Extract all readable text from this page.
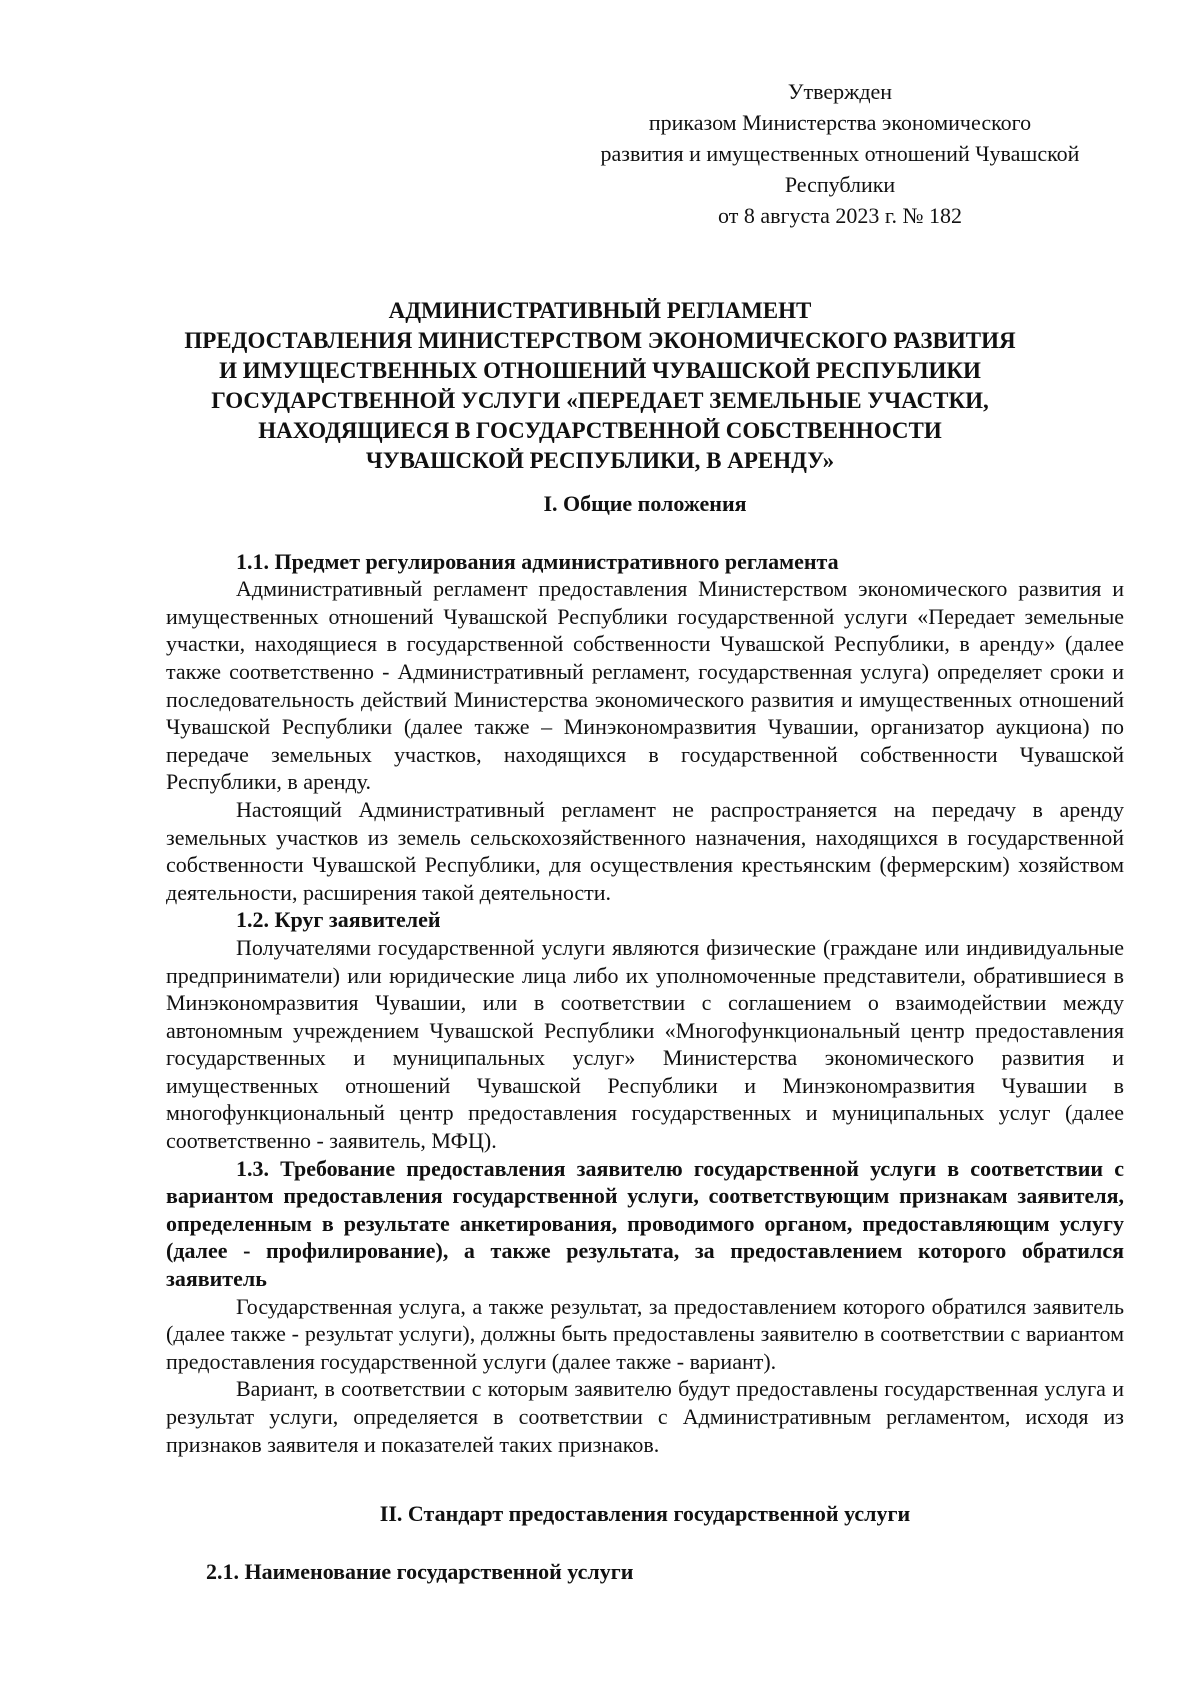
Утвержден
приказом Министерства экономического
развития и имущественных отношений Чувашской
Республики
от 8 августа 2023 г. № 182
АДМИНИСТРАТИВНЫЙ РЕГЛАМЕНТ
ПРЕДОСТАВЛЕНИЯ МИНИСТЕРСТВОМ ЭКОНОМИЧЕСКОГО РАЗВИТИЯ
И ИМУЩЕСТВЕННЫХ ОТНОШЕНИЙ ЧУВАШСКОЙ РЕСПУБЛИКИ
ГОСУДАРСТВЕННОЙ УСЛУГИ «ПЕРЕДАЕТ ЗЕМЕЛЬНЫЕ УЧАСТКИ,
НАХОДЯЩИЕСЯ В ГОСУДАРСТВЕННОЙ СОБСТВЕННОСТИ
ЧУВАШСКОЙ РЕСПУБЛИКИ, В АРЕНДУ»
I. Общие положения
1.1. Предмет регулирования административного регламента

Административный регламент предоставления Министерством экономического развития и имущественных отношений Чувашской Республики государственной услуги «Передает земельные участки, находящиеся в государственной собственности Чувашской Республики, в аренду» (далее также соответственно - Административный регламент, государственная услуга) определяет сроки и последовательность действий Министерства экономического развития и имущественных отношений Чувашской Республики (далее также – Минэкономразвития Чувашии, организатор аукциона) по передаче земельных участков, находящихся в государственной собственности Чувашской Республики, в аренду.

Настоящий Административный регламент не распространяется на передачу в аренду земельных участков из земель сельскохозяйственного назначения, находящихся в государственной собственности Чувашской Республики, для осуществления крестьянским (фермерским) хозяйством деятельности, расширения такой деятельности.

1.2. Круг заявителей

Получателями государственной услуги являются физические (граждане или индивидуальные предприниматели) или юридические лица либо их уполномоченные представители, обратившиеся в Минэкономразвития Чувашии, или в соответствии с соглашением о взаимодействии между автономным учреждением Чувашской Республики «Многофункциональный центр предоставления государственных и муниципальных услуг» Министерства экономического развития и имущественных отношений Чувашской Республики и Минэкономразвития Чувашии в многофункциональный центр предоставления государственных и муниципальных услуг (далее соответственно - заявитель, МФЦ).

1.3. Требование предоставления заявителю государственной услуги в соответствии с вариантом предоставления государственной услуги, соответствующим признакам заявителя, определенным в результате анкетирования, проводимого органом, предоставляющим услугу (далее - профилирование), а также результата, за предоставлением которого обратился заявитель

Государственная услуга, а также результат, за предоставлением которого обратился заявитель (далее также - результат услуги), должны быть предоставлены заявителю в соответствии с вариантом предоставления государственной услуги (далее также - вариант).

Вариант, в соответствии с которым заявителю будут предоставлены государственная услуга и результат услуги, определяется в соответствии с Административным регламентом, исходя из признаков заявителя и показателей таких признаков.

II. Стандарт предоставления государственной услуги
2.1. Наименование государственной услуги
